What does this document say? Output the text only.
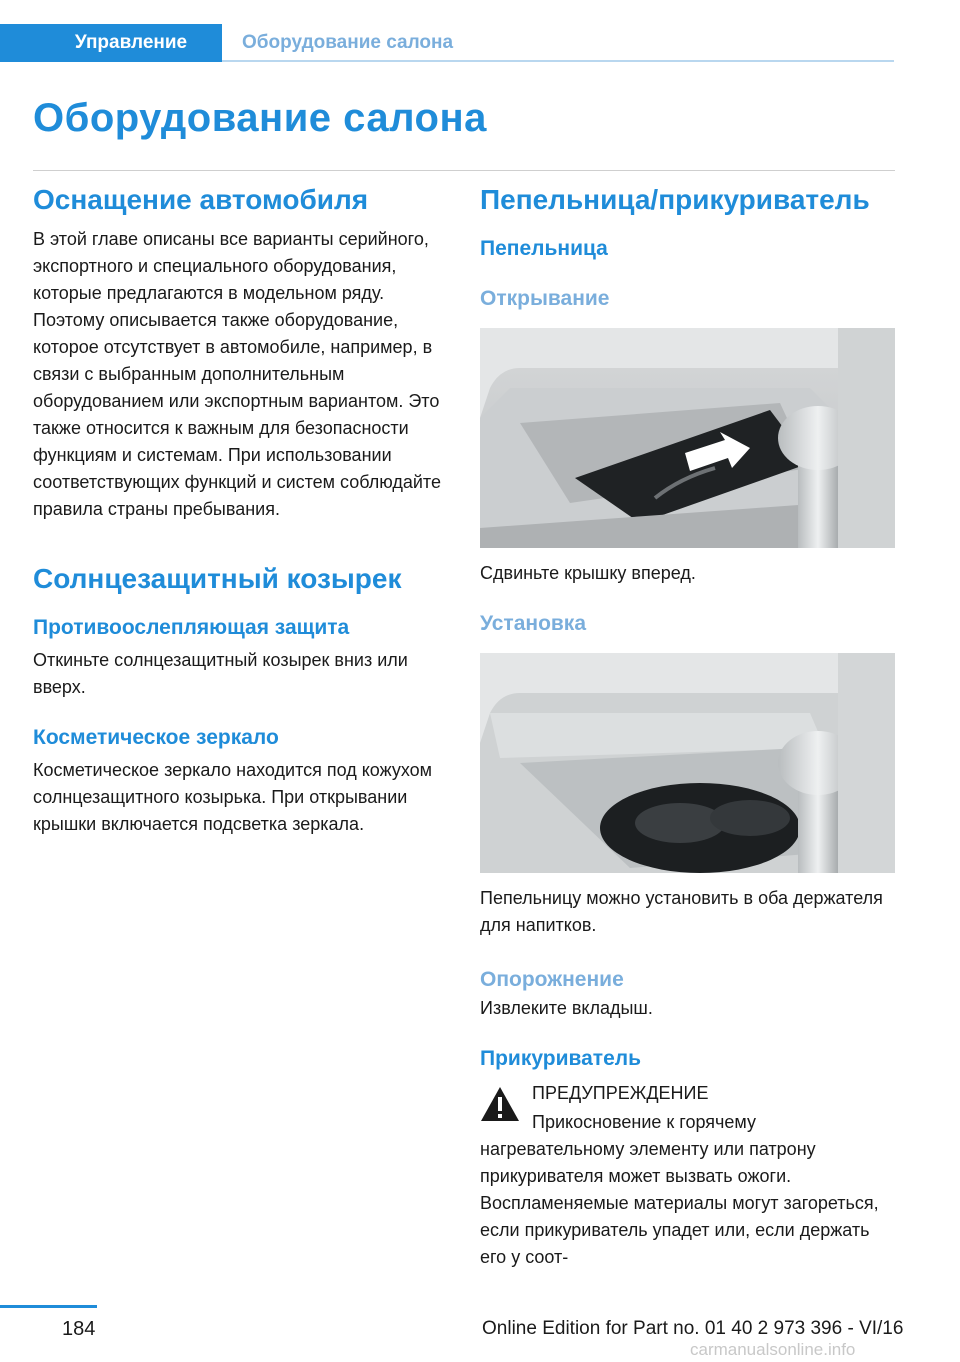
Управление	Оборудование салона
Оборудование салона
Оснащение автомобиля

В этой главе описаны все варианты серийного, экспортного и специального оборудования, которые предлагаются в модельном ряду. Поэтому описывается также оборудование, которое отсутствует в автомобиле, например, в связи с выбранным дополнительным оборудованием или экспортным вариантом. Это также относится к важным для безопасности функциям и системам. При использовании соответствующих функций и систем соблюдайте правила страны пребывания.

Солнцезащитный козырек
Противоослепляющая защита

Откиньте солнцезащитный козырек вниз или вверх.

Косметическое зеркало

Косметическое зеркало находится под кожухом солнцезащитного козырька. При открывании крышки включается подсветка зеркала.

Пепельница/прикуриватель
Пепельница
Открывание

Сдвиньте крышку вперед.

Установка

Пепельницу можно установить в оба держателя для напитков.

Опорожнение

Извлеките вкладыш.

Прикуриватель

ПРЕДУПРЕЖДЕНИЕ

Прикосновение к горячему нагревательному элементу или патрону прикуривателя может вызвать ожоги. Воспламеняемые материалы могут загореться, если прикуриватель упадет или, если держать его у соот-

184	Online Edition for Part no. 01 40 2 973 396 - VI/16
carmanualsonline.info
